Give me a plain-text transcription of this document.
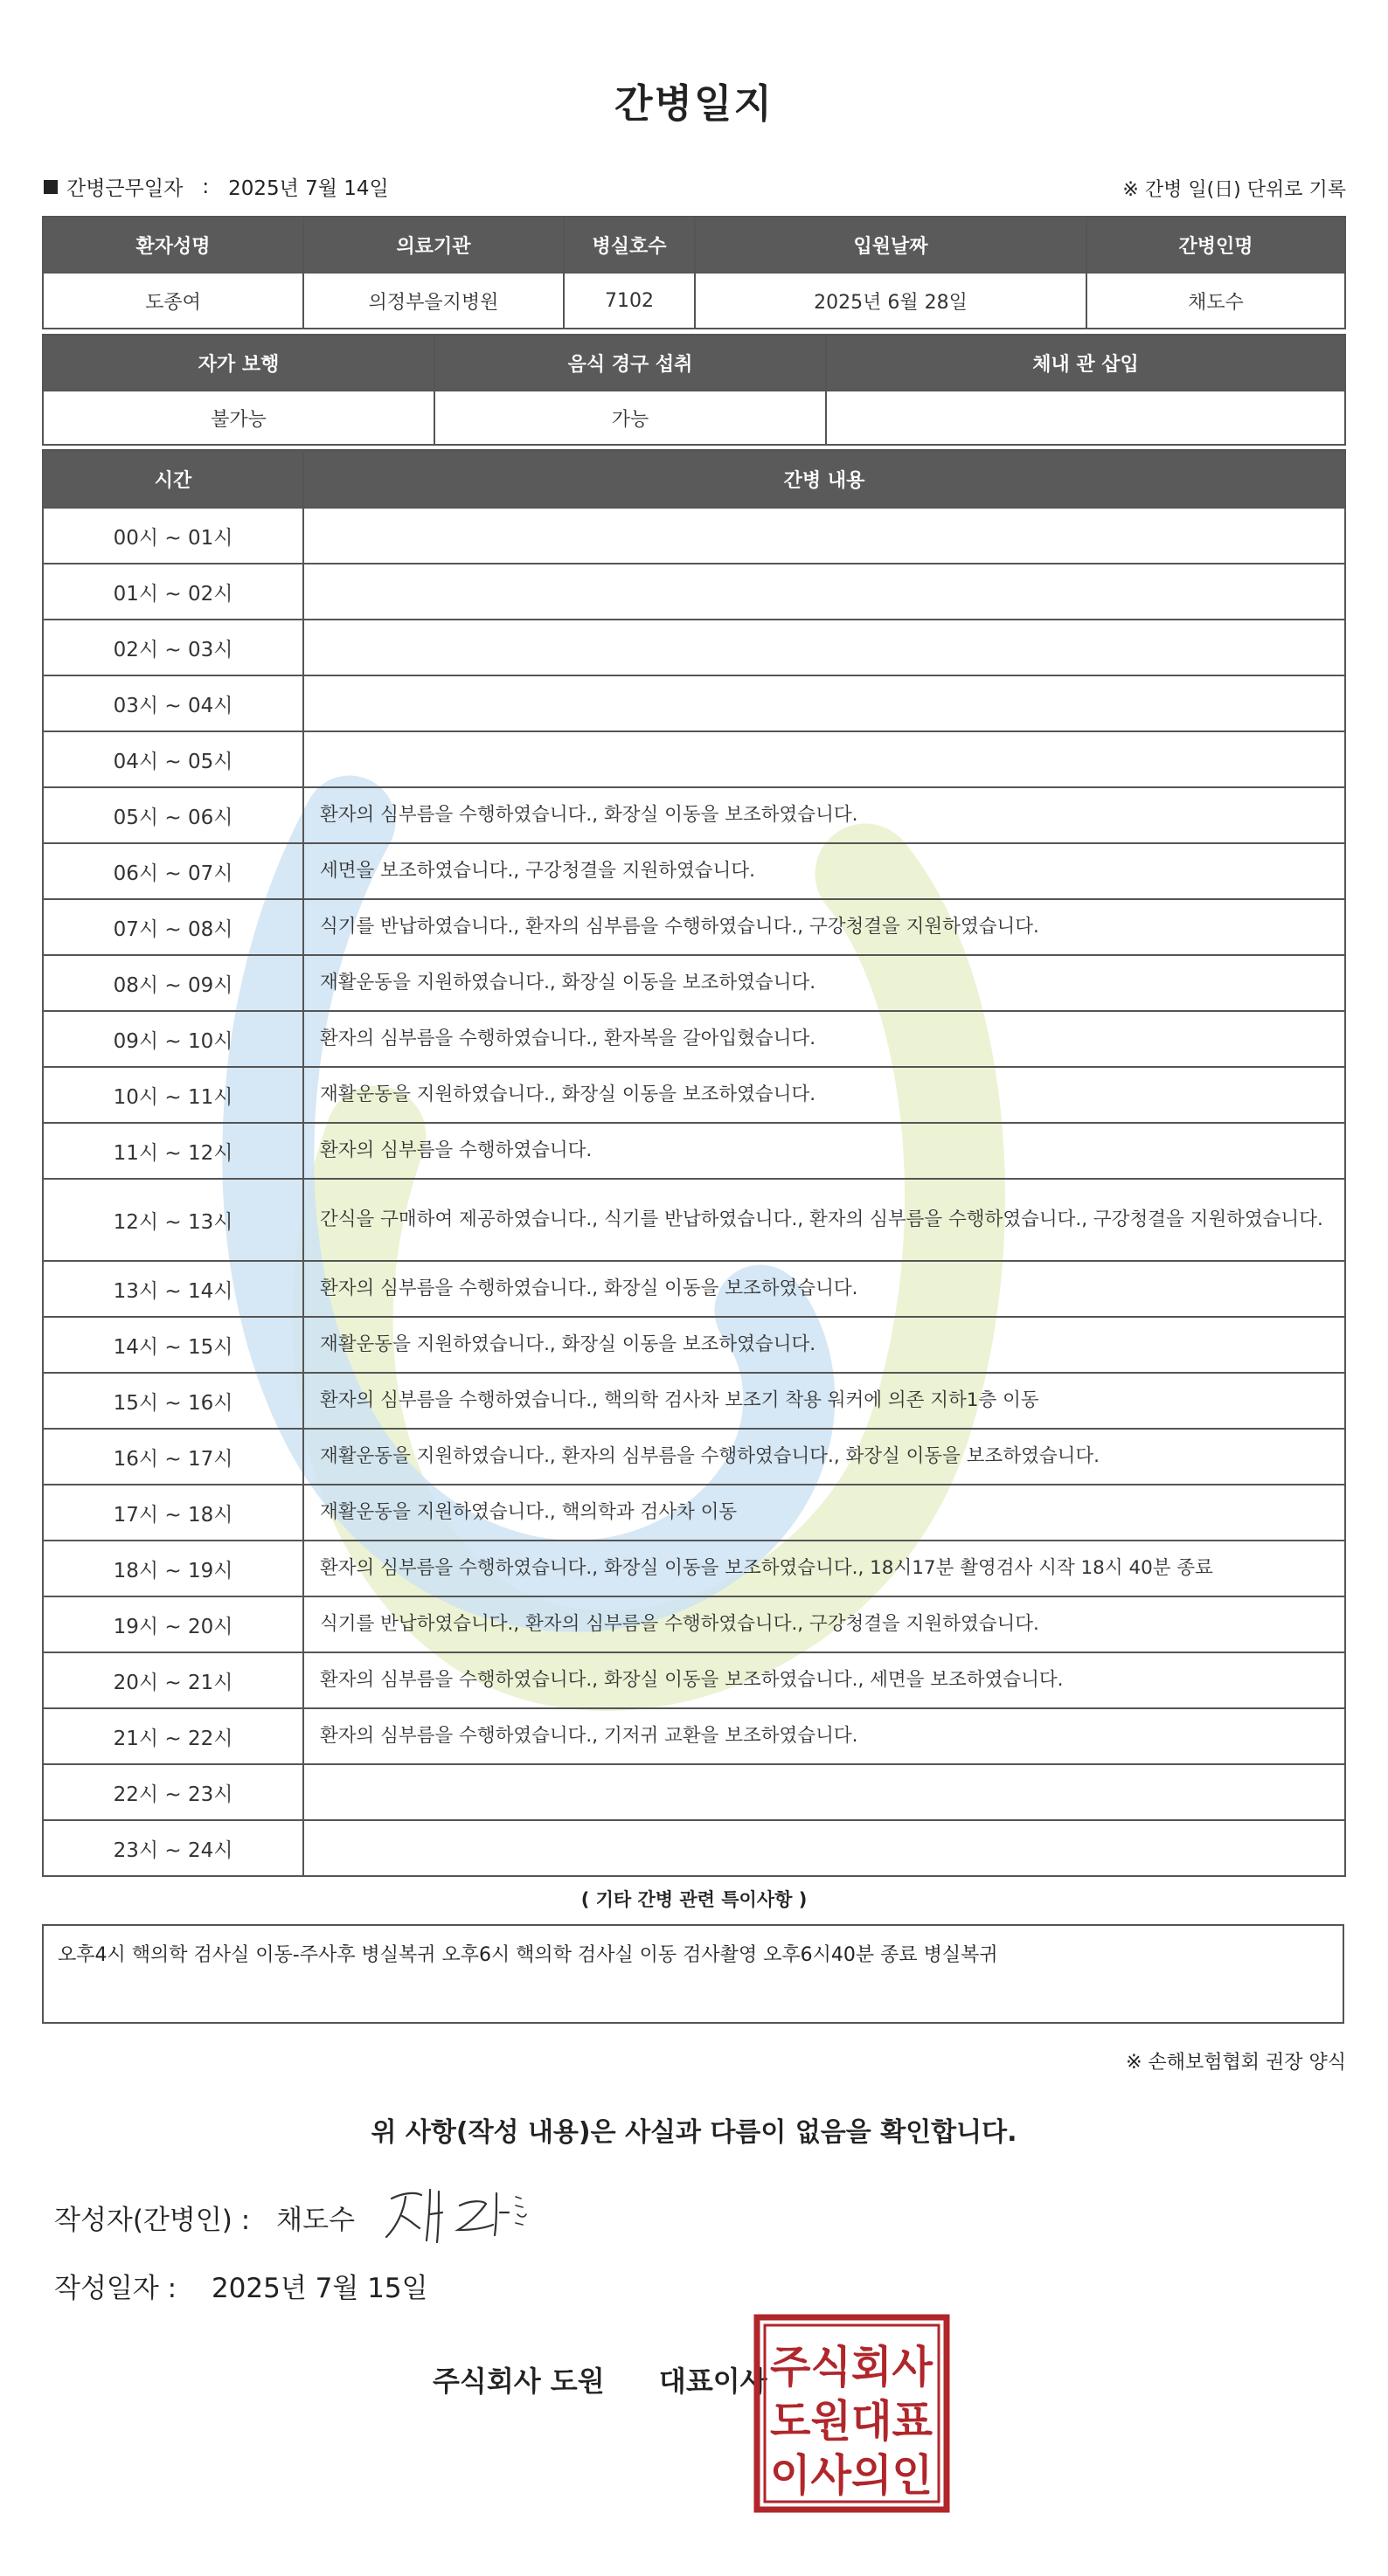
간병일지
간병근무일자 : 2025년 7월 14일	※ 간병 일(日) 단위로 기록
환자성명	의료기관	병실호수	입원날짜	간병인명
도종여	의정부을지병원	7102	2025년 6월 28일	채도수
자가 보행	음식 경구 섭취	체내 관 삽입
불가능	가능	
시간	간병 내용
00시 ~ 01시	
01시 ~ 02시	
02시 ~ 03시	
03시 ~ 04시	
04시 ~ 05시	
05시 ~ 06시	환자의 심부름을 수행하였습니다., 화장실 이동을 보조하였습니다.
06시 ~ 07시	세면을 보조하였습니다., 구강청결을 지원하였습니다.
07시 ~ 08시	식기를 반납하였습니다., 환자의 심부름을 수행하였습니다., 구강청결을 지원하였습니다.
08시 ~ 09시	재활운동을 지원하였습니다., 화장실 이동을 보조하였습니다.
09시 ~ 10시	환자의 심부름을 수행하였습니다., 환자복을 갈아입혔습니다.
10시 ~ 11시	재활운동을 지원하였습니다., 화장실 이동을 보조하였습니다.
11시 ~ 12시	환자의 심부름을 수행하였습니다.
12시 ~ 13시	간식을 구매하여 제공하였습니다., 식기를 반납하였습니다., 환자의 심부름을 수행하였습니다., 구강청결을 지원하였습니다.
13시 ~ 14시	환자의 심부름을 수행하였습니다., 화장실 이동을 보조하였습니다.
14시 ~ 15시	재활운동을 지원하였습니다., 화장실 이동을 보조하였습니다.
15시 ~ 16시	환자의 심부름을 수행하였습니다., 핵의학 검사차 보조기 착용 워커에 의존 지하1층 이동
16시 ~ 17시	재활운동을 지원하였습니다., 환자의 심부름을 수행하였습니다., 화장실 이동을 보조하였습니다.
17시 ~ 18시	재활운동을 지원하였습니다., 핵의학과 검사차 이동
18시 ~ 19시	환자의 심부름을 수행하였습니다., 화장실 이동을 보조하였습니다., 18시17분 촬영검사 시작 18시 40분 종료
19시 ~ 20시	식기를 반납하였습니다., 환자의 심부름을 수행하였습니다., 구강청결을 지원하였습니다.
20시 ~ 21시	환자의 심부름을 수행하였습니다., 화장실 이동을 보조하였습니다., 세면을 보조하였습니다.
21시 ~ 22시	환자의 심부름을 수행하였습니다., 기저귀 교환을 보조하였습니다.
22시 ~ 23시	
23시 ~ 24시	
( 기타 간병 관련 특이사항 )
오후4시 핵의학 검사실 이동-주사후 병실복귀 오후6시 핵의학 검사실 이동 검사촬영 오후6시40분 종료 병실복귀
※ 손해보험협회 권장 양식
위 사항(작성 내용)은 사실과 다름이 없음을 확인합니다.
작성자(간병인) : 채도수
작성일자 : 2025년 7월 15일
주식회사 도원 대표이사 주식회사
도원대표
이사의인
